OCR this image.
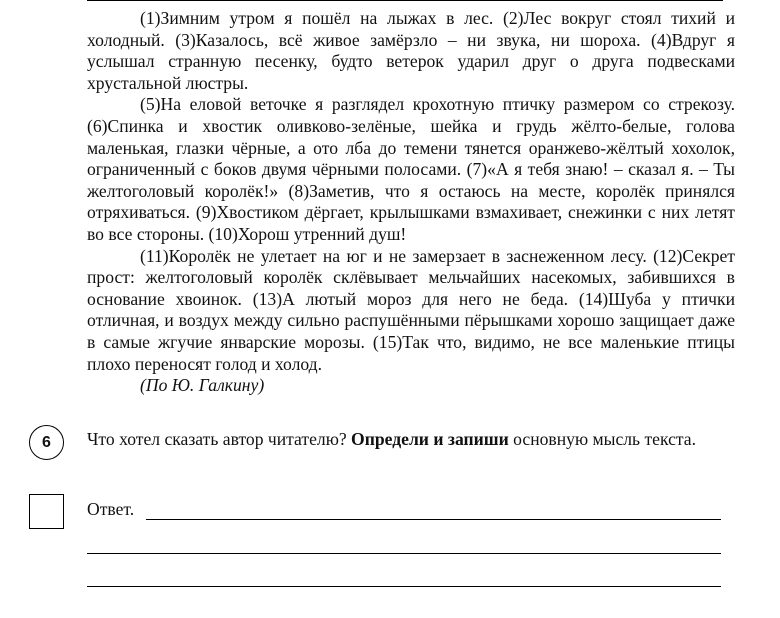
(1)Зимним утром я пошёл на лыжах в лес. (2)Лес вокруг стоял тихий и холодный. (3)Казалось, всё живое замёрзло – ни звука, ни шороха. (4)Вдруг я услышал странную песенку, будто ветерок ударил друг о друга подвесками хрустальной люстры.

(5)На еловой веточке я разглядел крохотную птичку размером со стрекозу. (6)Спинка и хвостик оливково-зелёные, шейка и грудь жёлто-белые, голова маленькая, глазки чёрные, а ото лба до темени тянется оранжево-жёлтый хохолок, ограниченный с боков двумя чёрными полосами. (7)«А я тебя знаю! – сказал я. – Ты желтоголовый королёк!» (8)Заметив, что я остаюсь на месте, королёк принялся отряхиваться. (9)Хвостиком дёргает, крылышками взмахивает, снежинки с них летят во все стороны. (10)Хорош утренний душ!

(11)Королёк не улетает на юг и не замерзает в заснеженном лесу. (12)Секрет прост: желтоголовый королёк склёвывает мельчайших насекомых, забившихся в основание хвоинок. (13)А лютый мороз для него не беда. (14)Шуба у птички отличная, и воздух между сильно распушёнными пёрышками хорошо защищает даже в самые жгучие январские морозы. (15)Так что, видимо, не все маленькие птицы плохо переносят голод и холод.

(По Ю. Галкину)

6 Что хотел сказать автор читателю? Определи и запиши основную мысль текста.
Ответ.
